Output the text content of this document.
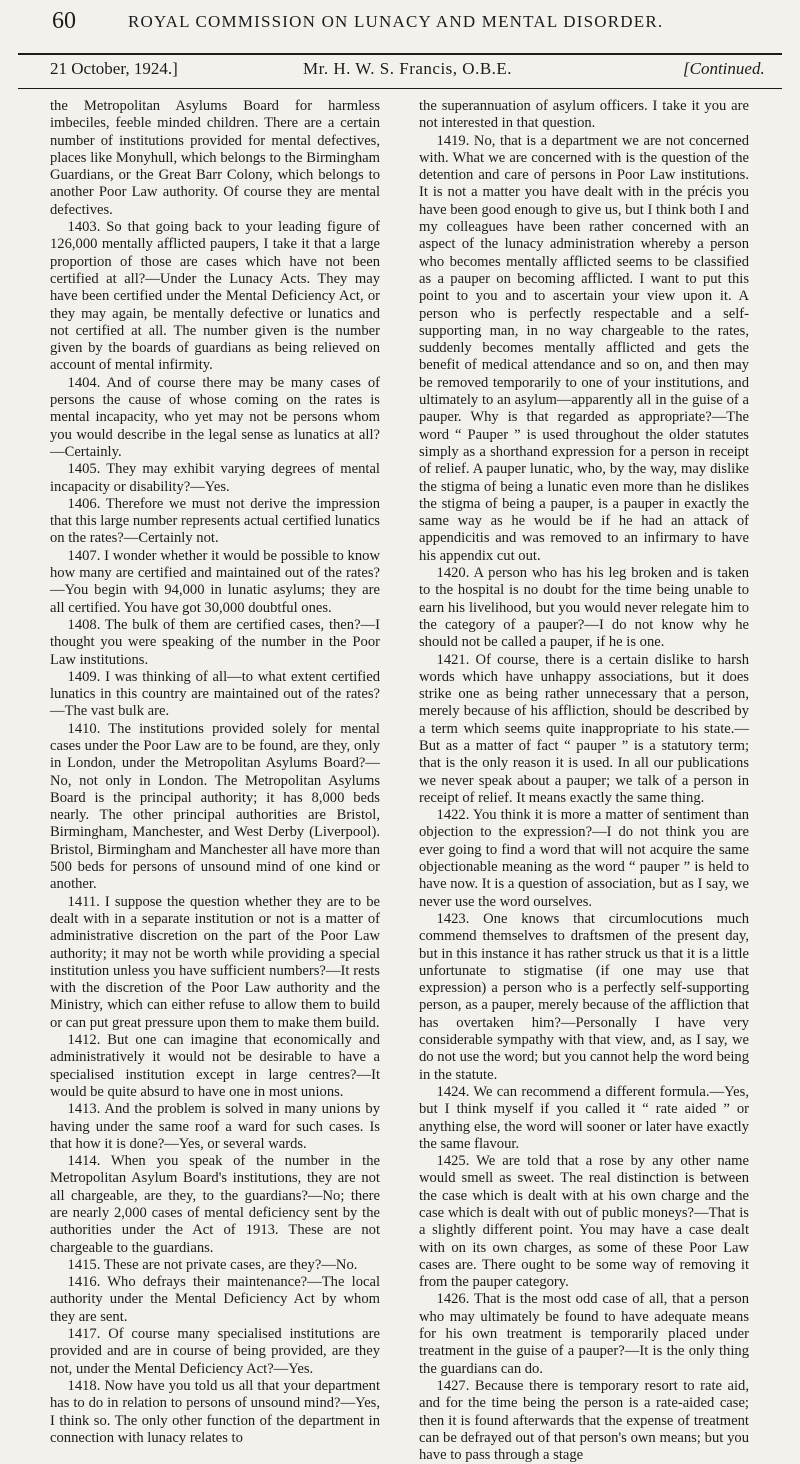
60	ROYAL COMMISSION ON LUNACY AND MENTAL DISORDER.
21 October, 1924.]	Mr. H. W. S. Francis, O.B.E.	[Continued.

the Metropolitan Asylums Board for harmless imbeciles, feeble minded children. There are a certain number of institutions provided for mental defectives, places like Monyhull, which belongs to the Birmingham Guardians, or the Great Barr Colony, which belongs to another Poor Law authority. Of course they are mental defectives.

1403. So that going back to your leading figure of 126,000 mentally afflicted paupers, I take it that a large proportion of those are cases which have not been certified at all?—Under the Lunacy Acts. They may have been certified under the Mental Deficiency Act, or they may again, be mentally defective or lunatics and not certified at all. The number given is the number given by the boards of guardians as being relieved on account of mental infirmity.

1404. And of course there may be many cases of persons the cause of whose coming on the rates is mental incapacity, who yet may not be persons whom you would describe in the legal sense as lunatics at all?—Certainly.

1405. They may exhibit varying degrees of mental incapacity or disability?—Yes.

1406. Therefore we must not derive the impression that this large number represents actual certified lunatics on the rates?—Certainly not.

1407. I wonder whether it would be possible to know how many are certified and maintained out of the rates?—You begin with 94,000 in lunatic asylums; they are all certified. You have got 30,000 doubtful ones.

1408. The bulk of them are certified cases, then?—I thought you were speaking of the number in the Poor Law institutions.

1409. I was thinking of all—to what extent certified lunatics in this country are maintained out of the rates?—The vast bulk are.

1410. The institutions provided solely for mental cases under the Poor Law are to be found, are they, only in London, under the Metropolitan Asylums Board?—No, not only in London. The Metropolitan Asylums Board is the principal authority; it has 8,000 beds nearly. The other principal authorities are Bristol, Birmingham, Manchester, and West Derby (Liverpool). Bristol, Birmingham and Manchester all have more than 500 beds for persons of unsound mind of one kind or another.

1411. I suppose the question whether they are to be dealt with in a separate institution or not is a matter of administrative discretion on the part of the Poor Law authority; it may not be worth while providing a special institution unless you have sufficient numbers?—It rests with the discretion of the Poor Law authority and the Ministry, which can either refuse to allow them to build or can put great pressure upon them to make them build.

1412. But one can imagine that economically and administratively it would not be desirable to have a specialised institution except in large centres?—It would be quite absurd to have one in most unions.

1413. And the problem is solved in many unions by having under the same roof a ward for such cases. Is that how it is done?—Yes, or several wards.

1414. When you speak of the number in the Metropolitan Asylum Board's institutions, they are not all chargeable, are they, to the guardians?—No; there are nearly 2,000 cases of mental deficiency sent by the authorities under the Act of 1913. These are not chargeable to the guardians.

1415. These are not private cases, are they?—No.

1416. Who defrays their maintenance?—The local authority under the Mental Deficiency Act by whom they are sent.

1417. Of course many specialised institutions are provided and are in course of being provided, are they not, under the Mental Deficiency Act?—Yes.

1418. Now have you told us all that your department has to do in relation to persons of unsound mind?—Yes, I think so. The only other function of the department in connection with lunacy relates to

the superannuation of asylum officers. I take it you are not interested in that question.

1419. No, that is a department we are not concerned with. What we are concerned with is the question of the detention and care of persons in Poor Law institutions. It is not a matter you have dealt with in the précis you have been good enough to give us, but I think both I and my colleagues have been rather concerned with an aspect of the lunacy administration whereby a person who becomes mentally afflicted seems to be classified as a pauper on becoming afflicted. I want to put this point to you and to ascertain your view upon it. A person who is perfectly respectable and a self-supporting man, in no way chargeable to the rates, suddenly becomes mentally afflicted and gets the benefit of medical attendance and so on, and then may be removed temporarily to one of your institutions, and ultimately to an asylum—apparently all in the guise of a pauper. Why is that regarded as appropriate?—The word “ Pauper ” is used throughout the older statutes simply as a shorthand expression for a person in receipt of relief. A pauper lunatic, who, by the way, may dislike the stigma of being a lunatic even more than he dislikes the stigma of being a pauper, is a pauper in exactly the same way as he would be if he had an attack of appendicitis and was removed to an infirmary to have his appendix cut out.

1420. A person who has his leg broken and is taken to the hospital is no doubt for the time being unable to earn his livelihood, but you would never relegate him to the category of a pauper?—I do not know why he should not be called a pauper, if he is one.

1421. Of course, there is a certain dislike to harsh words which have unhappy associations, but it does strike one as being rather unnecessary that a person, merely because of his affliction, should be described by a term which seems quite inappropriate to his state.—But as a matter of fact “ pauper ” is a statutory term; that is the only reason it is used. In all our publications we never speak about a pauper; we talk of a person in receipt of relief. It means exactly the same thing.

1422. You think it is more a matter of sentiment than objection to the expression?—I do not think you are ever going to find a word that will not acquire the same objectionable meaning as the word “ pauper ” is held to have now. It is a question of association, but as I say, we never use the word ourselves.

1423. One knows that circumlocutions much commend themselves to draftsmen of the present day, but in this instance it has rather struck us that it is a little unfortunate to stigmatise (if one may use that expression) a person who is a perfectly self-supporting person, as a pauper, merely because of the affliction that has overtaken him?—Personally I have very considerable sympathy with that view, and, as I say, we do not use the word; but you cannot help the word being in the statute.

1424. We can recommend a different formula.—Yes, but I think myself if you called it “ rate aided ” or anything else, the word will sooner or later have exactly the same flavour.

1425. We are told that a rose by any other name would smell as sweet. The real distinction is between the case which is dealt with at his own charge and the case which is dealt with out of public moneys?—That is a slightly different point. You may have a case dealt with on its own charges, as some of these Poor Law cases are. There ought to be some way of removing it from the pauper category.

1426. That is the most odd case of all, that a person who may ultimately be found to have adequate means for his own treatment is temporarily placed under treatment in the guise of a pauper?—It is the only thing the guardians can do.

1427. Because there is temporary resort to rate aid, and for the time being the person is a rate-aided case; then it is found afterwards that the expense of treatment can be defrayed out of that person's own means; but you have to pass through a stage
